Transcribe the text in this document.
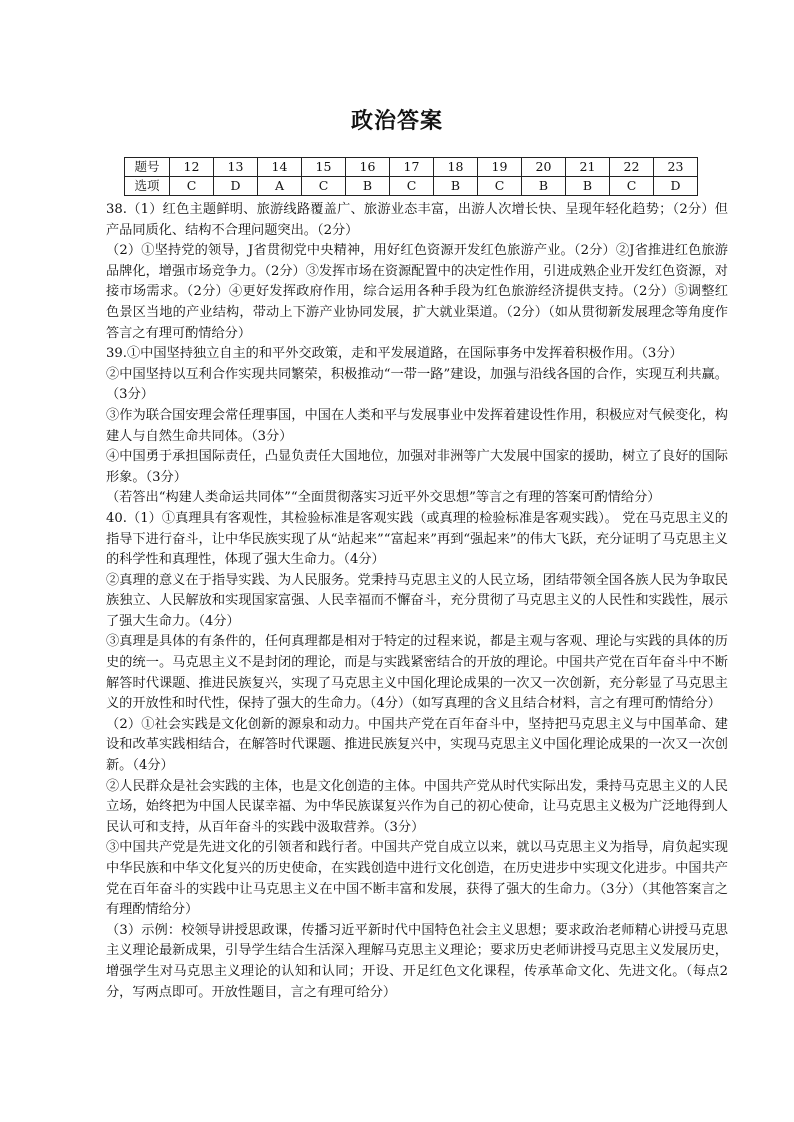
政治答案
题号	12	13	14	15	16	17	18	19	20	21	22	23
选项	C	D	A	C	B	C	B	C	B	B	C	D

38.（1）红色主题鲜明、旅游线路覆盖广、旅游业态丰富，出游人次增长快、呈现年轻化趋势；（2分）但产品同质化、结构不合理问题突出。（2分）

（2）①坚持党的领导，J省贯彻党中央精神，用好红色资源开发红色旅游产业。（2分）②J省推进红色旅游品牌化，增强市场竞争力。（2分）③发挥市场在资源配置中的决定性作用，引进成熟企业开发红色资源，对接市场需求。（2分）④更好发挥政府作用，综合运用各种手段为红色旅游经济提供支持。（2分）⑤调整红色景区当地的产业结构，带动上下游产业协同发展，扩大就业渠道。（2分）（如从贯彻新发展理念等角度作答言之有理可酌情给分）

39.①中国坚持独立自主的和平外交政策，走和平发展道路，在国际事务中发挥着积极作用。（3分）

②中国坚持以互利合作实现共同繁荣，积极推动“一带一路”建设，加强与沿线各国的合作，实现互利共赢。（3分）

③作为联合国安理会常任理事国，中国在人类和平与发展事业中发挥着建设性作用，积极应对气候变化，构建人与自然生命共同体。（3分）

④中国勇于承担国际责任，凸显负责任大国地位，加强对非洲等广大发展中国家的援助，树立了良好的国际形象。（3分）

（若答出“构建人类命运共同体”“全面贯彻落实习近平外交思想”等言之有理的答案可酌情给分）

40.（1）①真理具有客观性，其检验标准是客观实践（或真理的检验标准是客观实践）。 党在马克思主义的指导下进行奋斗，让中华民族实现了从“站起来”“富起来”再到“强起来”的伟大飞跃，充分证明了马克思主义的科学性和真理性，体现了强大生命力。（4分）

②真理的意义在于指导实践、为人民服务。党秉持马克思主义的人民立场，团结带领全国各族人民为争取民族独立、人民解放和实现国家富强、人民幸福而不懈奋斗，充分贯彻了马克思主义的人民性和实践性，展示了强大生命力。（4分）

③真理是具体的有条件的，任何真理都是相对于特定的过程来说，都是主观与客观、理论与实践的具体的历史的统一。马克思主义不是封闭的理论，而是与实践紧密结合的开放的理论。中国共产党在百年奋斗中不断解答时代课题、推进民族复兴，实现了马克思主义中国化理论成果的一次又一次创新，充分彰显了马克思主义的开放性和时代性，保持了强大的生命力。（4分）（如写真理的含义且结合材料，言之有理可酌情给分）

（2）①社会实践是文化创新的源泉和动力。中国共产党在百年奋斗中，坚持把马克思主义与中国革命、建设和改革实践相结合，在解答时代课题、推进民族复兴中，实现马克思主义中国化理论成果的一次又一次创新。（4分）

②人民群众是社会实践的主体，也是文化创造的主体。中国共产党从时代实际出发，秉持马克思主义的人民立场，始终把为中国人民谋幸福、为中华民族谋复兴作为自己的初心使命，让马克思主义极为广泛地得到人民认可和支持，从百年奋斗的实践中汲取营养。（3分）

③中国共产党是先进文化的引领者和践行者。中国共产党自成立以来，就以马克思主义为指导，肩负起实现中华民族和中华文化复兴的历史使命，在实践创造中进行文化创造，在历史进步中实现文化进步。中国共产党在百年奋斗的实践中让马克思主义在中国不断丰富和发展，获得了强大的生命力。（3分）（其他答案言之有理酌情给分）

（3）示例：校领导讲授思政课，传播习近平新时代中国特色社会主义思想；要求政治老师精心讲授马克思主义理论最新成果，引导学生结合生活深入理解马克思主义理论；要求历史老师讲授马克思主义发展历史，增强学生对马克思主义理论的认知和认同；开设、开足红色文化课程，传承革命文化、先进文化。（每点2分，写两点即可。开放性题目，言之有理可给分）
